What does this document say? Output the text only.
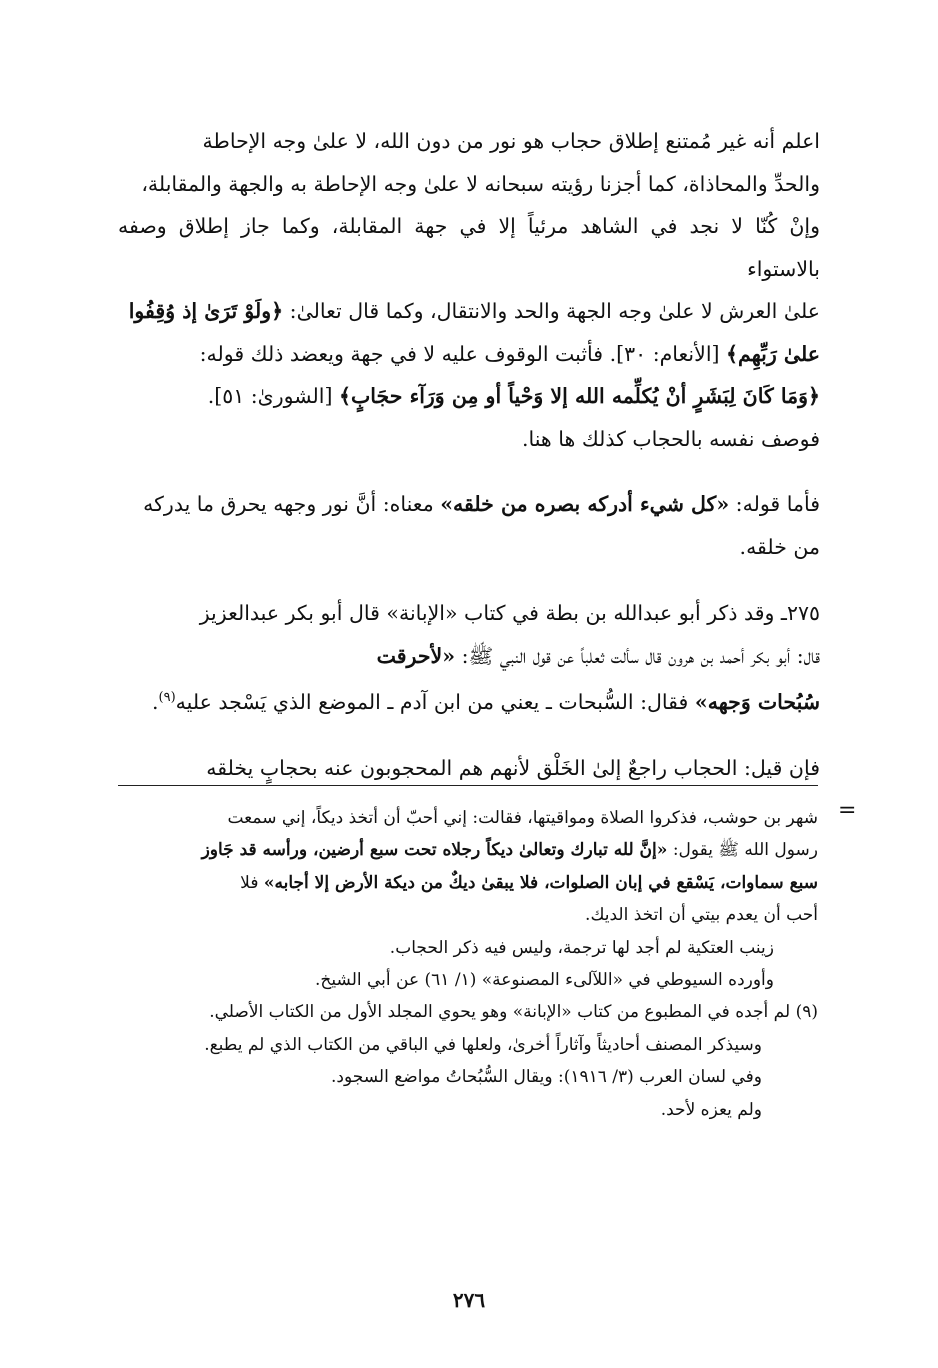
اعلم أنه غير مُمتنع إطلاق حجاب هو نور من دون الله، لا علىٰ وجه الإحاطة
والحدِّ والمحاذاة، كما أجزنا رؤيته سبحانه لا علىٰ وجه الإحاطة به والجهة والمقابلة،
وإنْ كُنّا لا نجد في الشاهد مرئياً إلا في جهة المقابلة، وكما جاز إطلاق وصفه بالاستواء
علىٰ العرش لا علىٰ وجه الجهة والحد والانتقال، وكما قال تعالىٰ: ﴿ولَوْ تَرَىٰ إذ وُقِفُوا
علىٰ رَبِّهِم﴾ [الأنعام: ٣٠]. فأثبت الوقوف عليه لا في جهة ويعضد ذلك قوله:
﴿وَمَا كَانَ لِبَشَرٍ أنْ يُكلِّمه الله إلا وَحْياً أو مِن وَرَآء حجَابٍ﴾ [الشورىٰ: ٥١].
فوصف نفسه بالحجاب كذلك ها هنا.

فأما قوله: «كل شيء أدركه بصره من خلقه» معناه: أنَّ نور وجهه يحرق ما يدركه
من خلقه.

٢٧٥ـ وقد ذكر أبو عبدالله بن بطة في كتاب «الإبانة» قال أبو بكر عبدالعزيز
قال: أبو بكر أحمد بن هرون قال سألت ثعلباً عن قول النبي ﷺ: «لأحرقت
سُبُحات وَجهه» فقال: السُّبحات ـ يعني من ابن آدم ـ الموضع الذي يَسْجد عليه$^{(٩)}$.

فإن قيل: الحجاب راجعٌ إلىٰ الخَلْق لأنهم هم المحجوبون عنه بحجابٍ يخلقه

=

شهر بن حوشب، فذكروا الصلاة ومواقيتها، فقالت: إني أحبّ أن أتخذ ديكاً، إني سمعت
رسول الله ﷺ يقول: «إنَّ لله تبارك وتعالىٰ ديكاً رجلاه تحت سبع أرضين، ورأسه قد جَاوز
سبع سماوات، يَسْقع في إبان الصلوات، فلا يبقىٰ ديكٌ من ديكة الأرض إلا أجابه» فلا
أحب أن يعدم بيتي أن اتخذ الديك.

زينب العتكية لم أجد لها ترجمة، وليس فيه ذكر الحجاب.

وأورده السيوطي في «اللآلىء المصنوعة» (١/ ٦١) عن أبي الشيخ.

(٩) لم أجده في المطبوع من كتاب «الإبانة» وهو يحوي المجلد الأول من الكتاب الأصلي.

وسيذكر المصنف أحاديثاً وآثاراً أخرىٰ، ولعلها في الباقي من الكتاب الذي لم يطبع.

وفي لسان العرب (٣/ ١٩١٦): ويقال السُّبُحاتُ مواضع السجود.

ولم يعزه لأحد.

٢٧٦
